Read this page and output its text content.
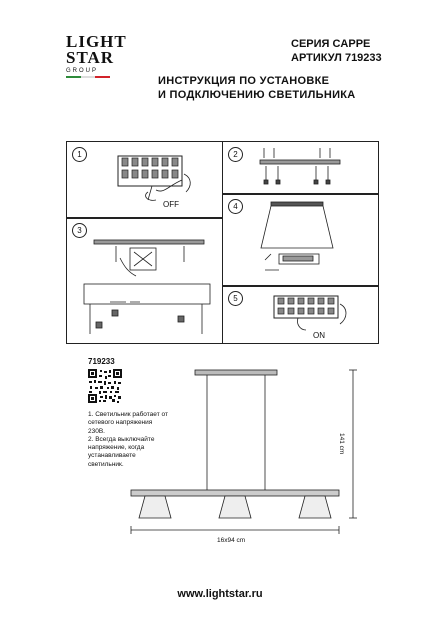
LIGHT
STAR
GROUP
СЕРИЯ CAPPE
АРТИКУЛ 719233
ИНСТРУКЦИЯ ПО УСТАНОВКЕ
И ПОДКЛЮЧЕНИЮ СВЕТИЛЬНИКА
1	2
3
4
5
OFF
ON
719233
1. Светильник работает от сетевого напряжения 230В.
2. Всегда выключайте напряжение, когда устанавливаете светильник.
16х94 cm
141 cm
www.lightstar.ru
